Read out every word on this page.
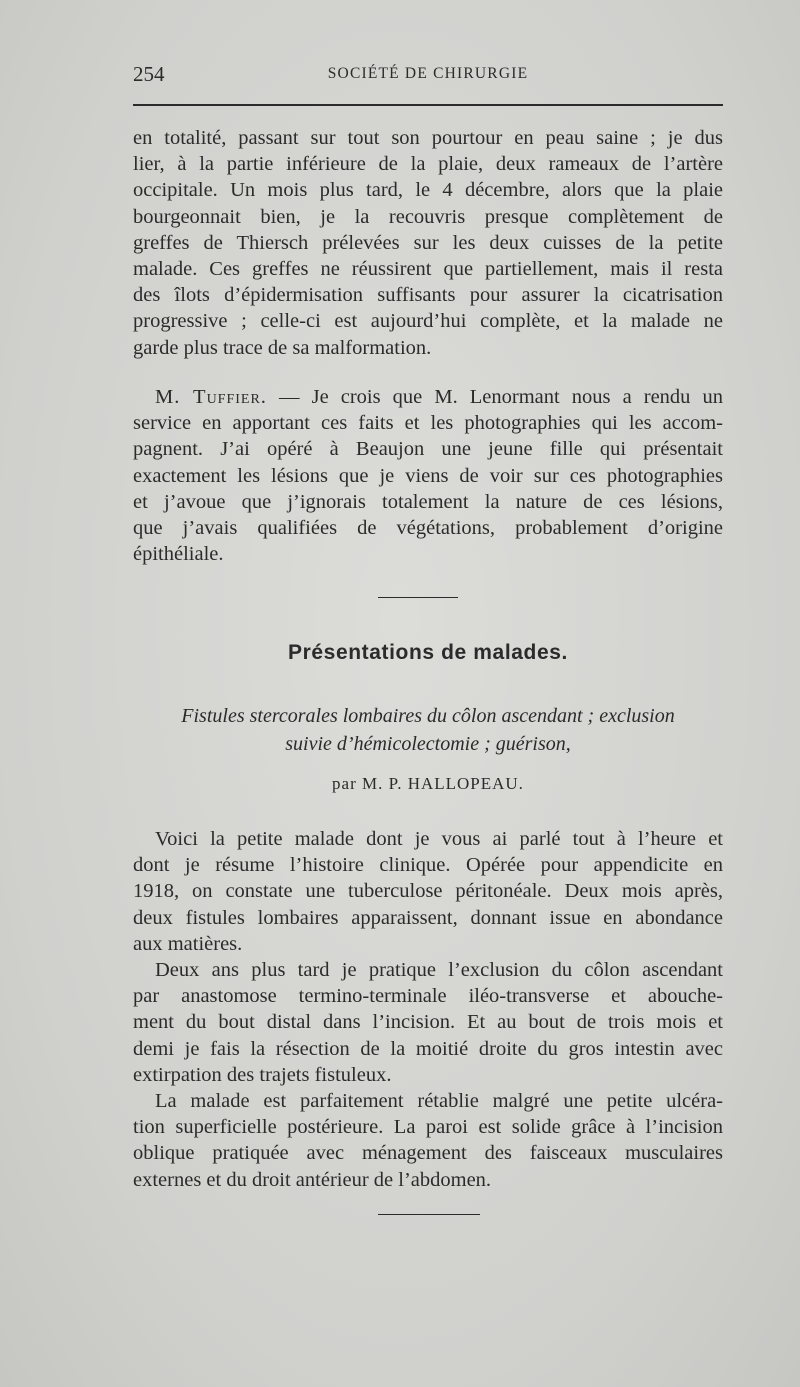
254	SOCIÉTÉ DE CHIRURGIE

en totalité, passant sur tout son pourtour en peau saine ; je dus

lier, à la partie inférieure de la plaie, deux rameaux de l’artère

occipitale. Un mois plus tard, le 4 décembre, alors que la plaie

bourgeonnait bien, je la recouvris presque complètement de

greffes de Thiersch prélevées sur les deux cuisses de la petite

malade. Ces greffes ne réussirent que partiellement, mais il resta

des îlots d’épidermisation suffisants pour assurer la cicatrisation

progressive ; celle-ci est aujourd’hui complète, et la malade ne

garde plus trace de sa malformation.

M. Tuffier. — Je crois que M. Lenormant nous a rendu un

service en apportant ces faits et les photographies qui les accom-

pagnent. J’ai opéré à Beaujon une jeune fille qui présentait

exactement les lésions que je viens de voir sur ces photographies

et j’avoue que j’ignorais totalement la nature de ces lésions,

que j’avais qualifiées de végétations, probablement d’origine

épithéliale.

Présentations de malades.
Fistules stercorales lombaires du côlon ascendant ; exclusion
suivie d’hémicolectomie ; guérison,
par M. P. HALLOPEAU.

Voici la petite malade dont je vous ai parlé tout à l’heure et

dont je résume l’histoire clinique. Opérée pour appendicite en

1918, on constate une tuberculose péritonéale. Deux mois après,

deux fistules lombaires apparaissent, donnant issue en abondance

aux matières.

Deux ans plus tard je pratique l’exclusion du côlon ascendant

par anastomose termino-terminale iléo-transverse et abouche-

ment du bout distal dans l’incision. Et au bout de trois mois et

demi je fais la résection de la moitié droite du gros intestin avec

extirpation des trajets fistuleux.

La malade est parfaitement rétablie malgré une petite ulcéra-

tion superficielle postérieure. La paroi est solide grâce à l’incision

oblique pratiquée avec ménagement des faisceaux musculaires

externes et du droit antérieur de l’abdomen.
